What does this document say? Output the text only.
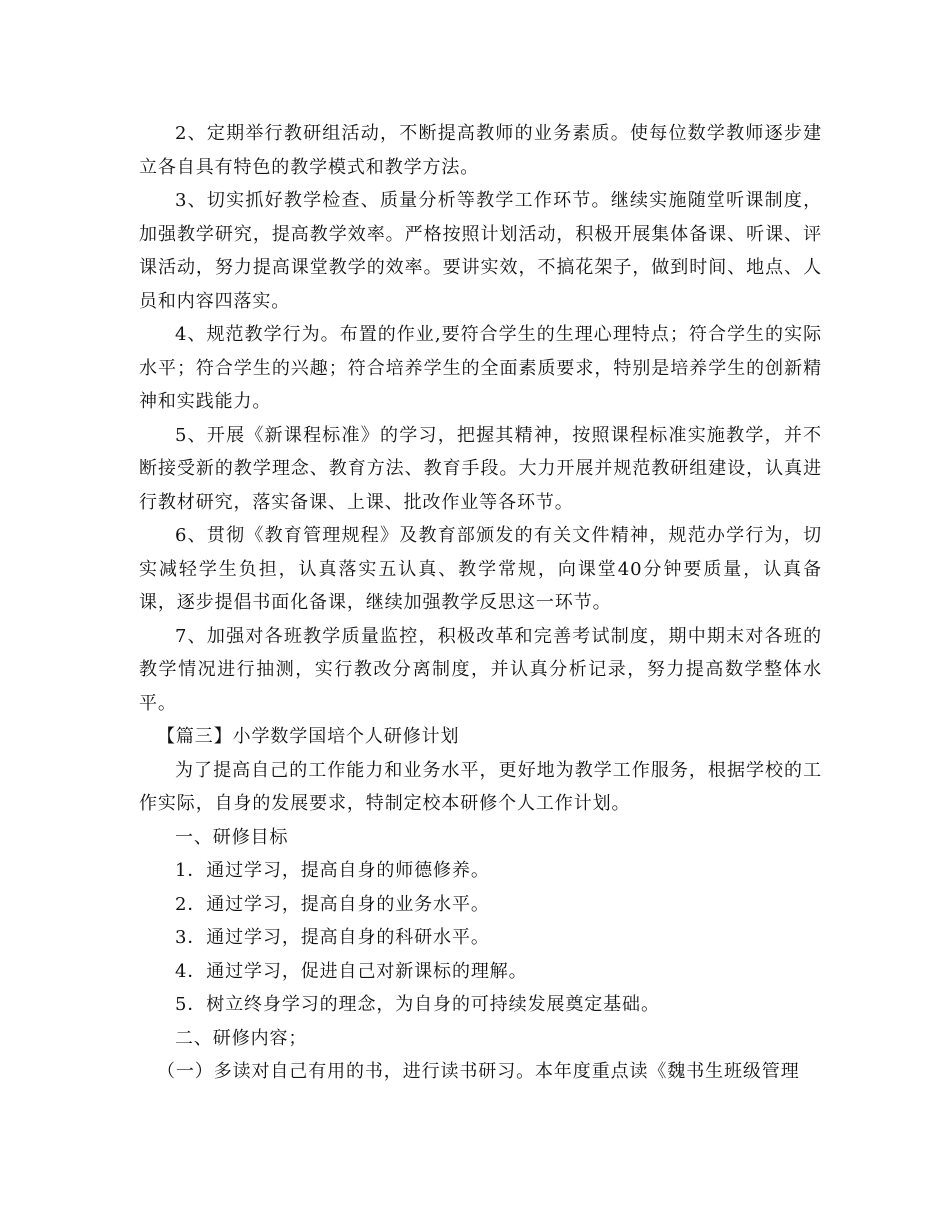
2、定期举行教研组活动，不断提高教师的业务素质。使每位数学教师逐步建立各自具有特色的教学模式和教学方法。

3、切实抓好教学检查、质量分析等教学工作环节。继续实施随堂听课制度，加强教学研究，提高教学效率。严格按照计划活动，积极开展集体备课、听课、评课活动，努力提高课堂教学的效率。要讲实效，不搞花架子，做到时间、地点、人员和内容四落实。

4、规范教学行为。布置的作业,要符合学生的生理心理特点；符合学生的实际水平；符合学生的兴趣；符合培养学生的全面素质要求，特别是培养学生的创新精神和实践能力。

5、开展《新课程标准》的学习，把握其精神，按照课程标准实施教学，并不断接受新的教学理念、教育方法、教育手段。大力开展并规范教研组建设，认真进行教材研究，落实备课、上课、批改作业等各环节。

6、贯彻《教育管理规程》及教育部颁发的有关文件精神，规范办学行为，切实减轻学生负担，认真落实五认真、教学常规，向课堂40分钟要质量，认真备课，逐步提倡书面化备课，继续加强教学反思这一环节。

7、加强对各班教学质量监控，积极改革和完善考试制度，期中期末对各班的教学情况进行抽测，实行教改分离制度，并认真分析记录，努力提高数学整体水平。

【篇三】小学数学国培个人研修计划

为了提高自己的工作能力和业务水平，更好地为教学工作服务，根据学校的工作实际，自身的发展要求，特制定校本研修个人工作计划。

一、研修目标

1．通过学习，提高自身的师德修养。

2．通过学习，提高自身的业务水平。

3．通过学习，提高自身的科研水平。

4．通过学习，促进自己对新课标的理解。

5．树立终身学习的理念，为自身的可持续发展奠定基础。

二、研修内容；

（一）多读对自己有用的书，进行读书研习。本年度重点读《魏书生班级管理
